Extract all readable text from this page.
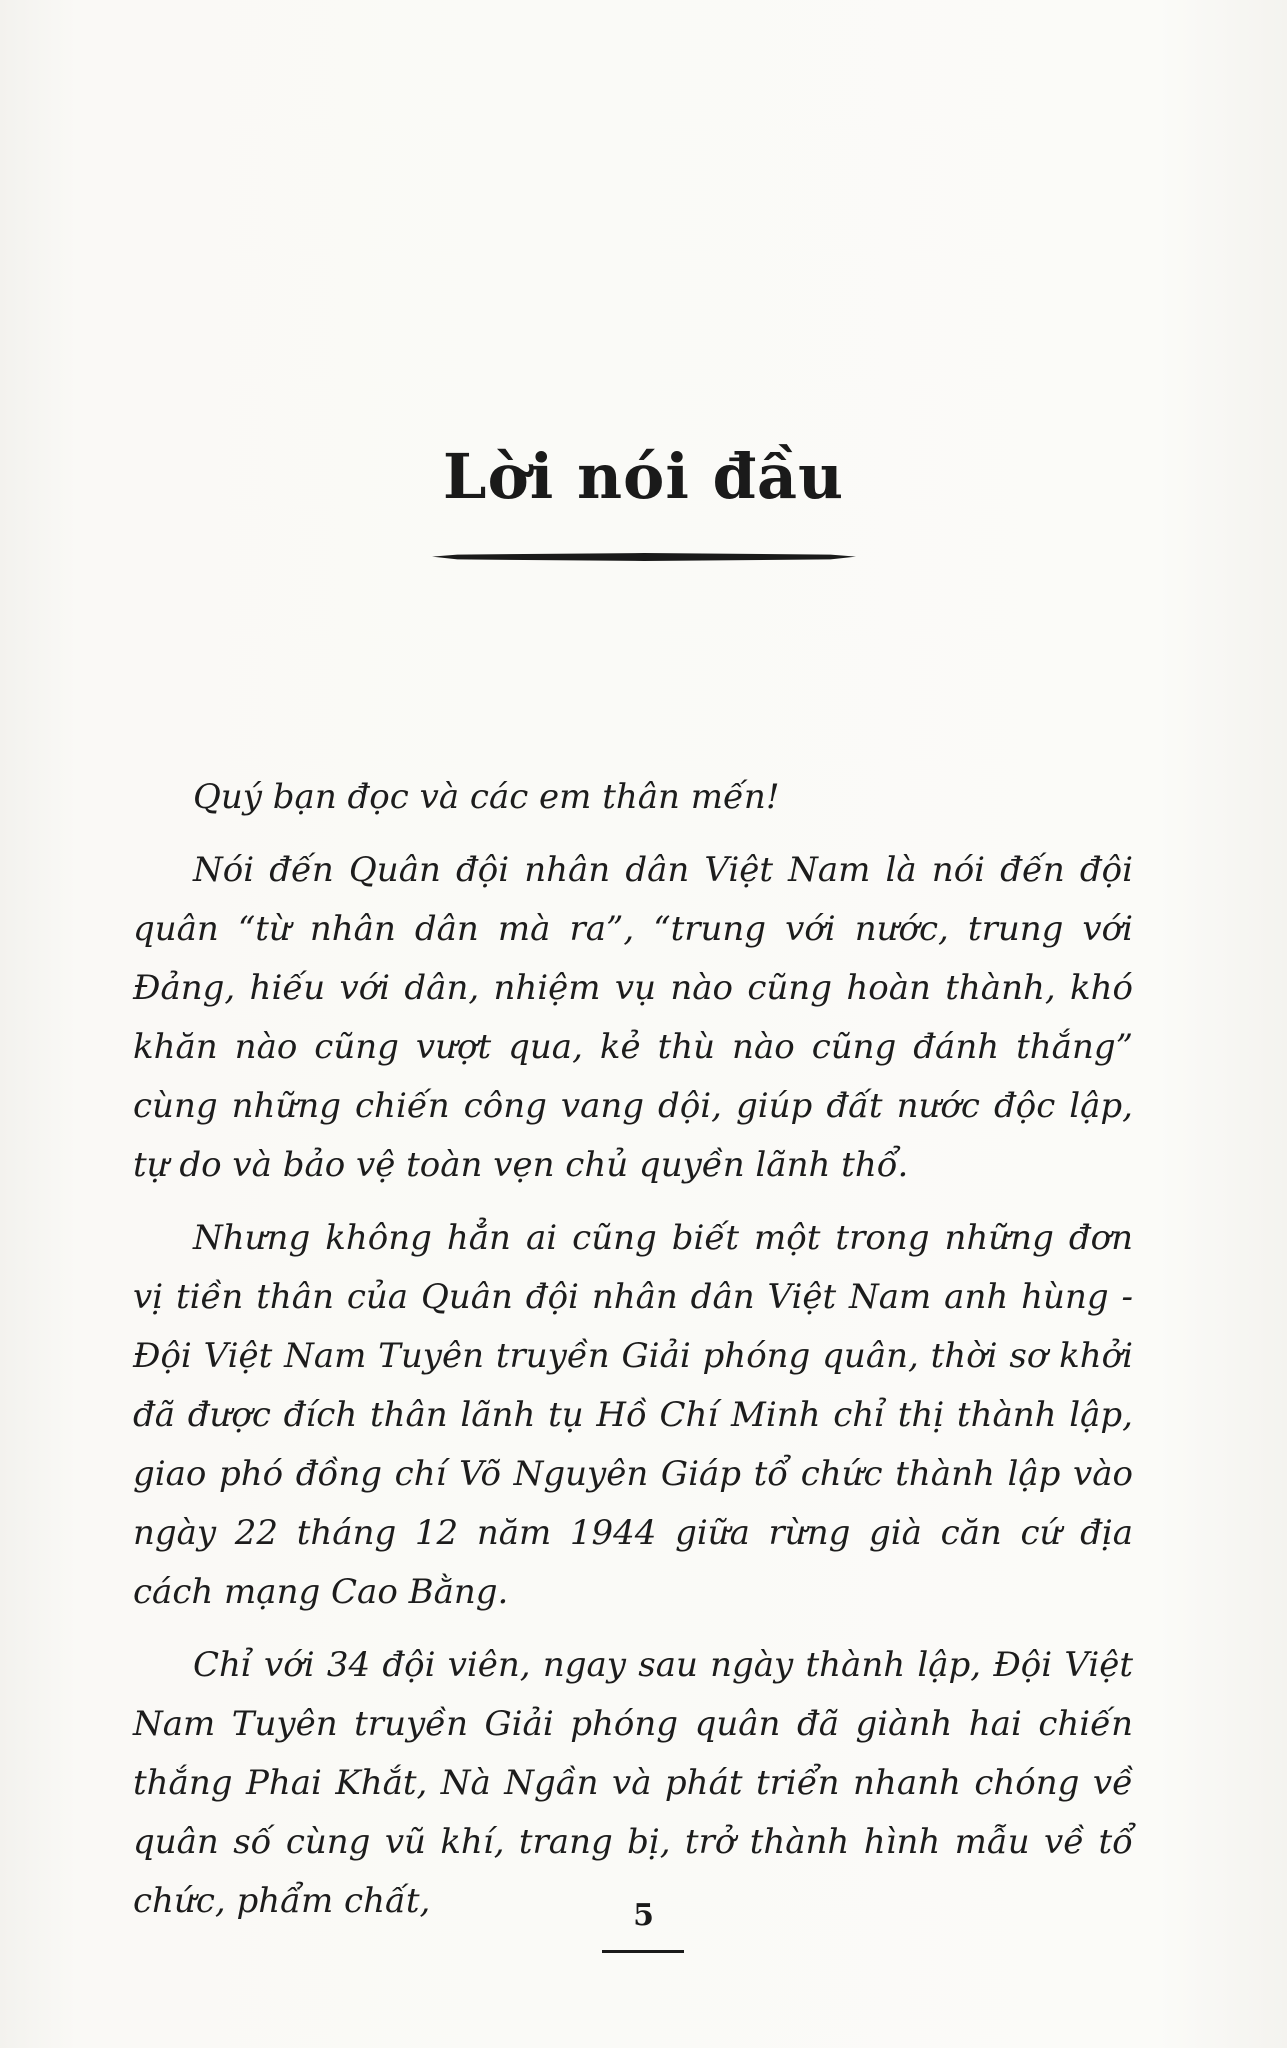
Lời nói đầu

Quý bạn đọc và các em thân mến!

Nói đến Quân đội nhân dân Việt Nam là nói đến đội quân “từ nhân dân mà ra”, “trung với nước, trung với Đảng, hiếu với dân, nhiệm vụ nào cũng hoàn thành, khó khăn nào cũng vượt qua, kẻ thù nào cũng đánh thắng” cùng những chiến công vang dội, giúp đất nước độc lập, tự do và bảo vệ toàn vẹn chủ quyền lãnh thổ.

Nhưng không hẳn ai cũng biết một trong những đơn vị tiền thân của Quân đội nhân dân Việt Nam anh hùng - Đội Việt Nam Tuyên truyền Giải phóng quân, thời sơ khởi đã được đích thân lãnh tụ Hồ Chí Minh chỉ thị thành lập, giao phó đồng chí Võ Nguyên Giáp tổ chức thành lập vào ngày 22 tháng 12 năm 1944 giữa rừng già căn cứ địa cách mạng Cao Bằng.

Chỉ với 34 đội viên, ngay sau ngày thành lập, Đội Việt Nam Tuyên truyền Giải phóng quân đã giành hai chiến thắng Phai Khắt, Nà Ngần và phát triển nhanh chóng về quân số cùng vũ khí, trang bị, trở thành hình mẫu về tổ chức, phẩm chất,	5
